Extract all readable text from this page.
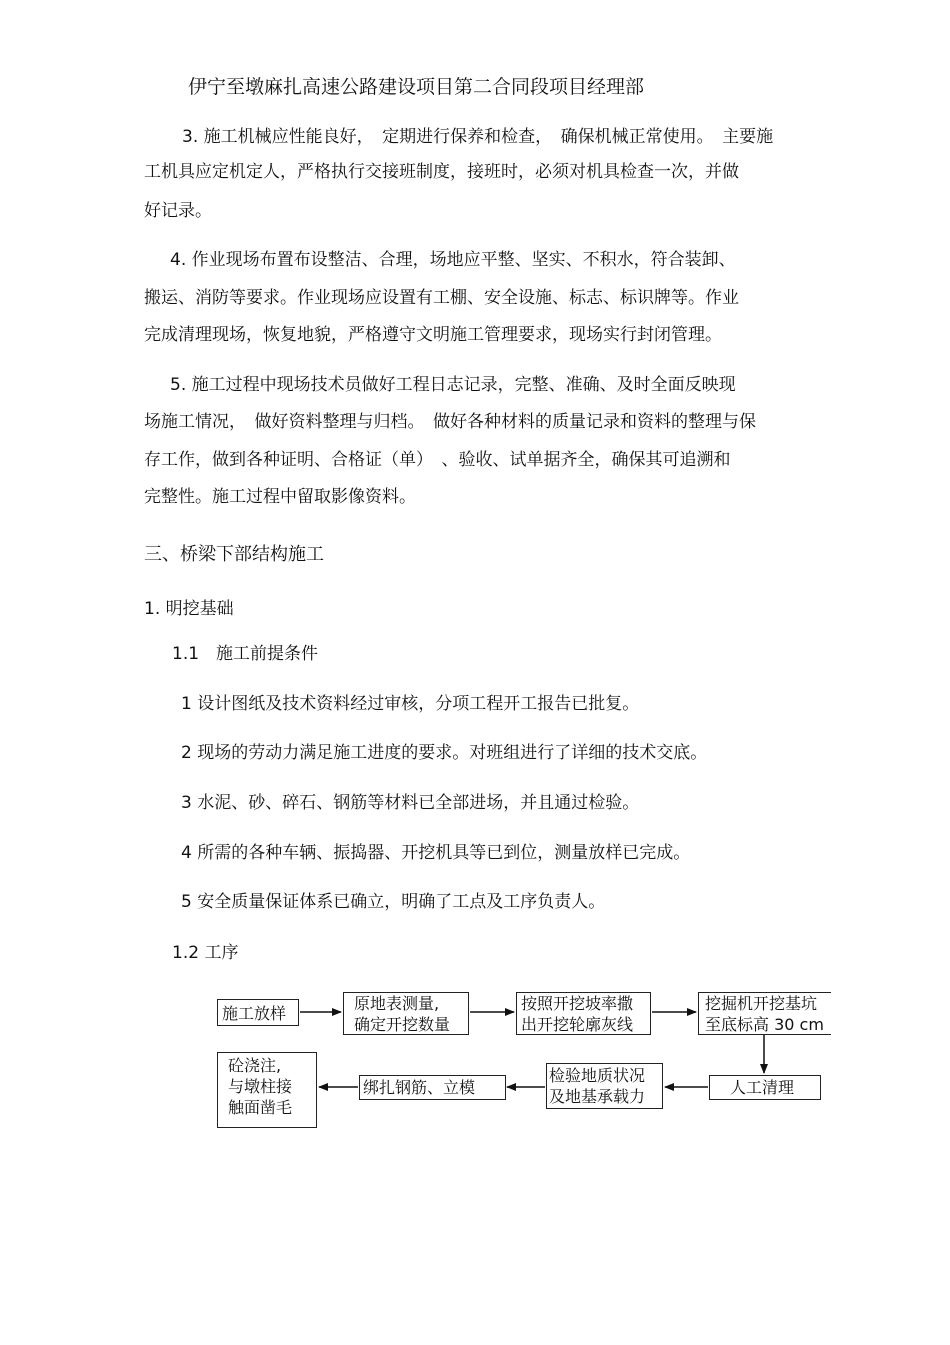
伊宁至墩麻扎高速公路建设项目第二合同段项目经理部
3. 施工机械应性能良好，　定期进行保养和检查，　确保机械正常使用。　主要施
工机具应定机定人，严格执行交接班制度，接班时，必须对机具检查一次，并做
好记录。
4. 作业现场布置布设整洁、合理，场地应平整、坚实、不积水，符合装卸、
搬运、消防等要求。作业现场应设置有工棚、安全设施、标志、标识牌等。作业
完成清理现场，恢复地貌，严格遵守文明施工管理要求，现场实行封闭管理。
5. 施工过程中现场技术员做好工程日志记录，完整、准确、及时全面反映现
场施工情况，　做好资料整理与归档。　做好各种材料的质量记录和资料的整理与保
存工作，做到各种证明、合格证（单）　、验收、试单据齐全，确保其可追溯和
完整性。施工过程中留取影像资料。
三、桥梁下部结构施工
1. 明挖基础
1.1　施工前提条件
1 设计图纸及技术资料经过审核，分项工程开工报告已批复。
2 现场的劳动力满足施工进度的要求。对班组进行了详细的技术交底。
3 水泥、砂、碎石、钢筋等材料已全部进场，并且通过检验。
4 所需的各种车辆、振捣器、开挖机具等已到位，测量放样已完成。
5 安全质量保证体系已确立，明确了工点及工序负责人。
1.2 工序
施工放样
原地表测量,
确定开挖数量
按照开挖坡率撒
出开挖轮廓灰线
挖掘机开挖基坑
至底标高 30 cm
人工清理
检验地质状况
及地基承载力
绑扎钢筋、立模
砼浇注,
与墩柱接
触面凿毛
